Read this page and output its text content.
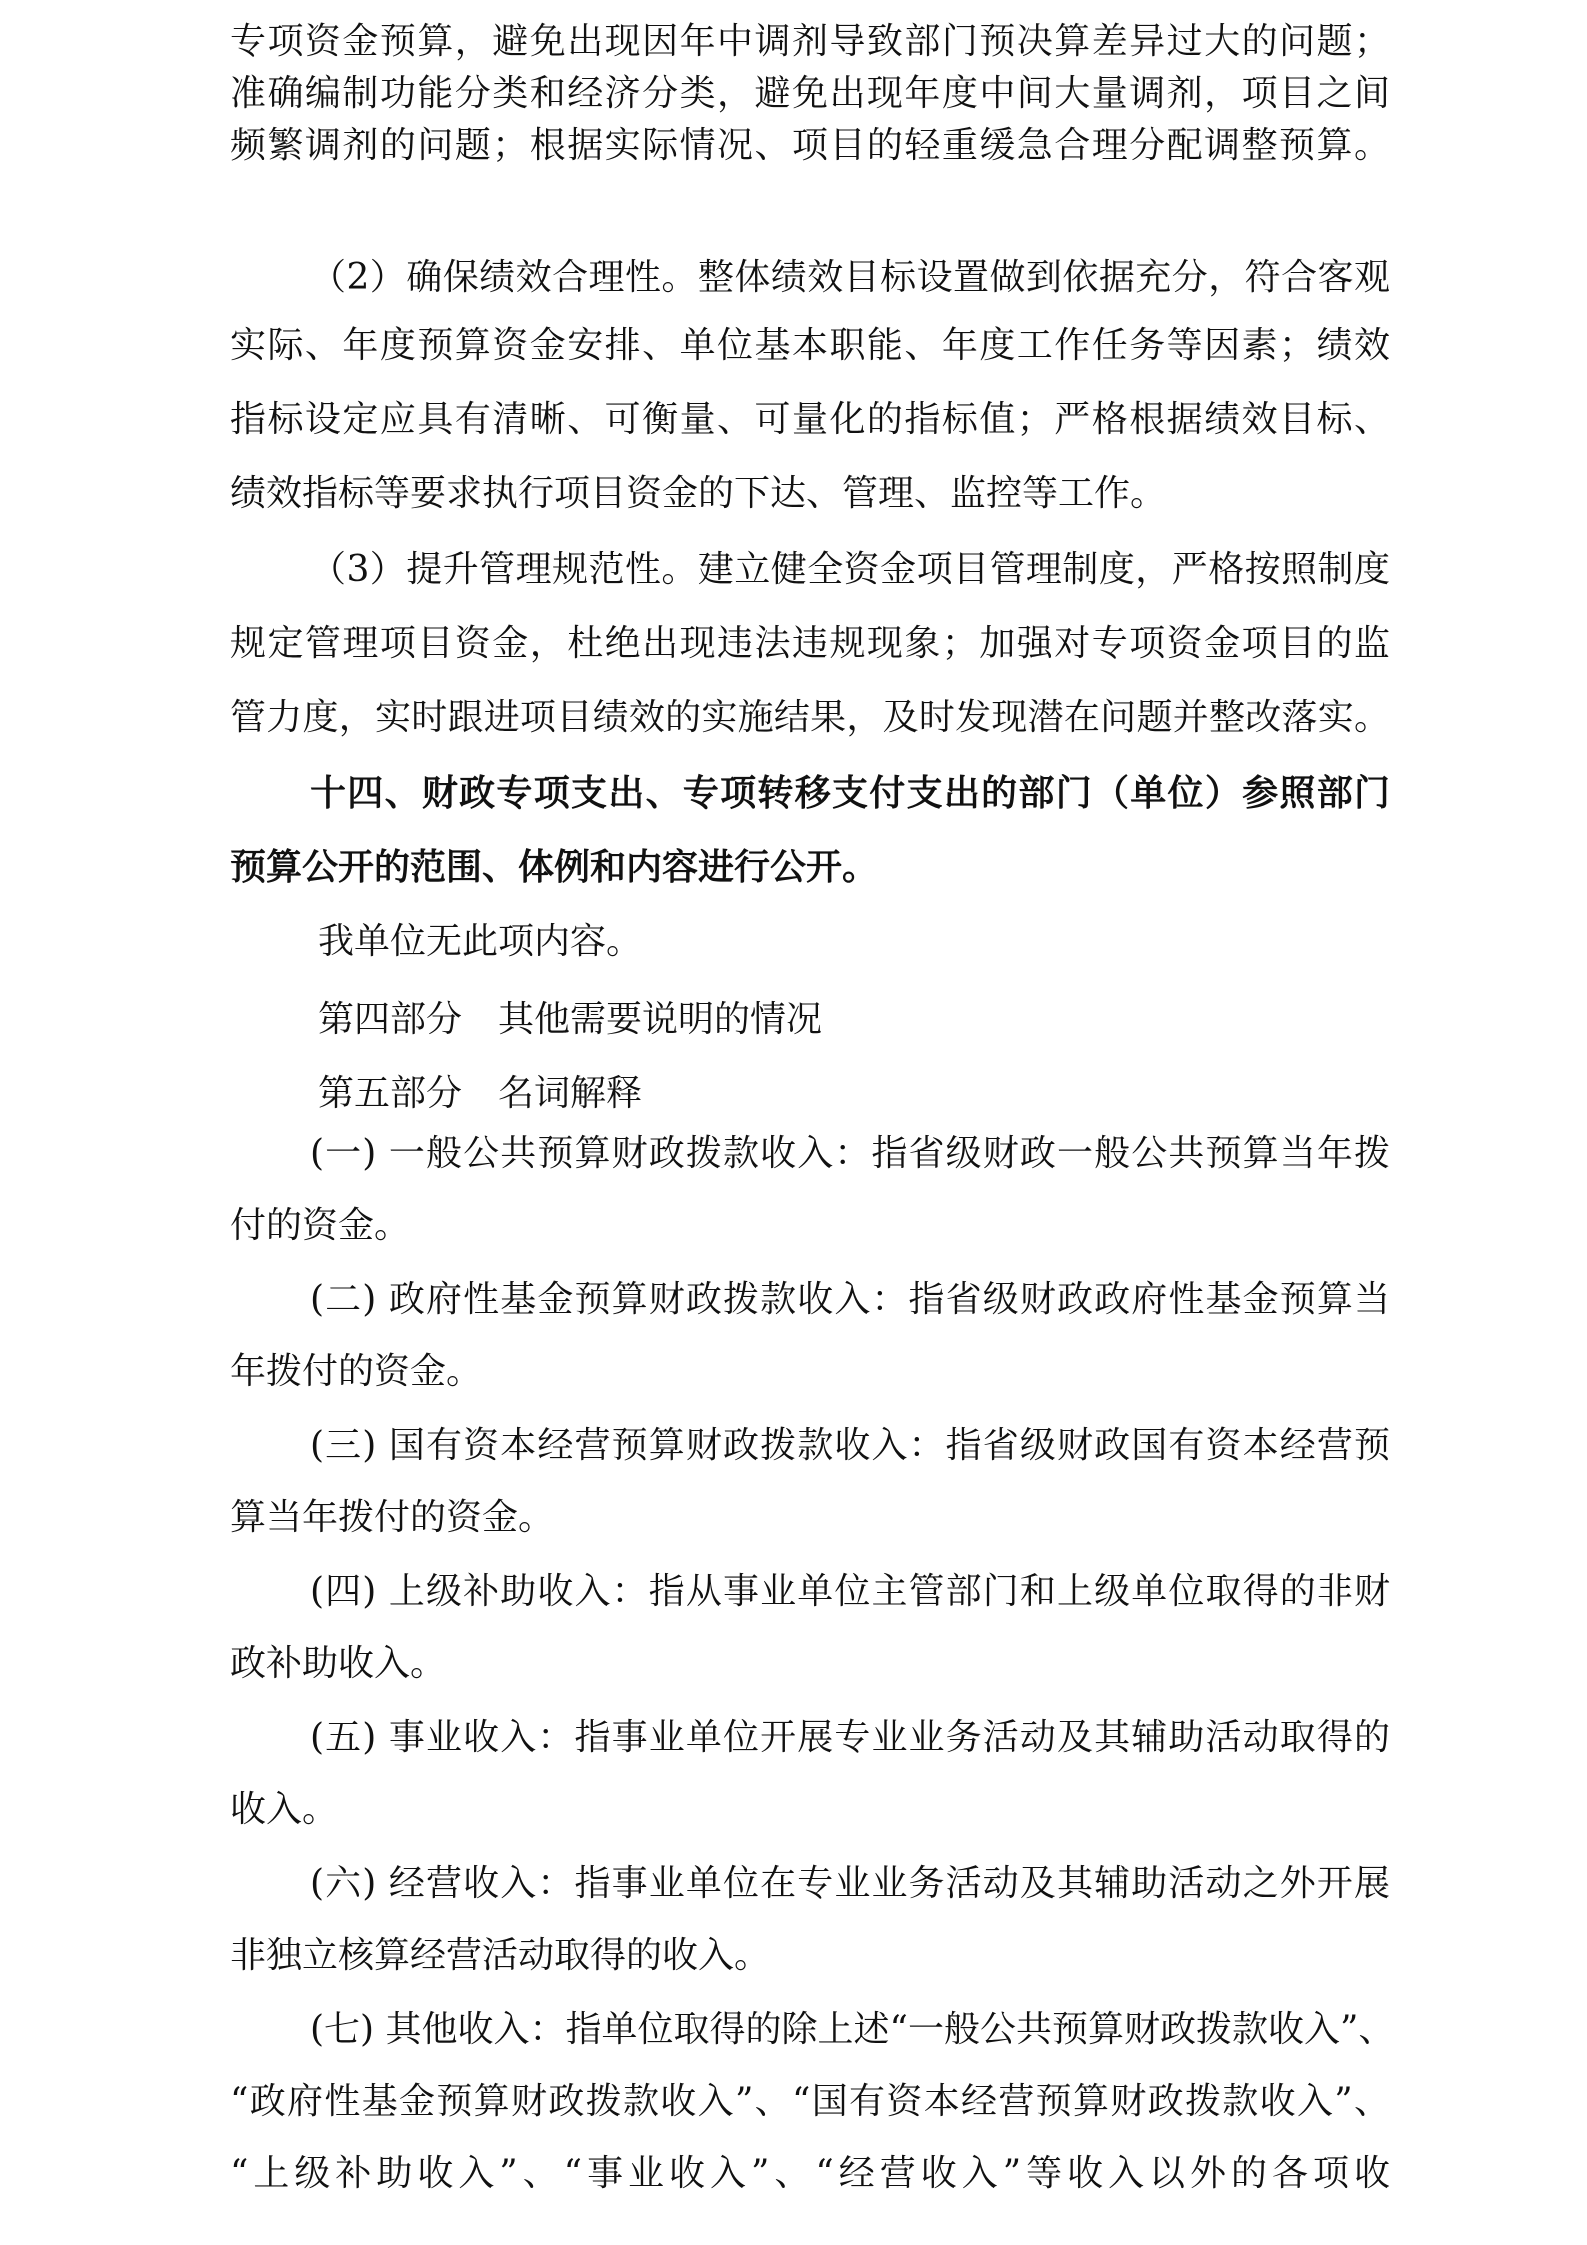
专项资金预算，避免出现因年中调剂导致部门预决算差异过大的问题；
准确编制功能分类和经济分类，避免出现年度中间大量调剂，项目之间
频繁调剂的问题；根据实际情况、项目的轻重缓急合理分配调整预算。
（2）确保绩效合理性。整体绩效目标设置做到依据充分，符合客观
实际、年度预算资金安排、单位基本职能、年度工作任务等因素；绩效
指标设定应具有清晰、可衡量、可量化的指标值；严格根据绩效目标、
绩效指标等要求执行项目资金的下达、管理、监控等工作。
（3）提升管理规范性。建立健全资金项目管理制度，严格按照制度
规定管理项目资金，杜绝出现违法违规现象；加强对专项资金项目的监
管力度，实时跟进项目绩效的实施结果，及时发现潜在问题并整改落实。
十四、财政专项支出、专项转移支付支出的部门（单位）参照部门
预算公开的范围、体例和内容进行公开。
我单位无此项内容。
第四部分　其他需要说明的情况
第五部分　名词解释
(一) 一般公共预算财政拨款收入：指省级财政一般公共预算当年拨
付的资金。
(二) 政府性基金预算财政拨款收入：指省级财政政府性基金预算当
年拨付的资金。
(三) 国有资本经营预算财政拨款收入：指省级财政国有资本经营预
算当年拨付的资金。
(四) 上级补助收入：指从事业单位主管部门和上级单位取得的非财
政补助收入。
(五) 事业收入：指事业单位开展专业业务活动及其辅助活动取得的
收入。
(六) 经营收入：指事业单位在专业业务活动及其辅助活动之外开展
非独立核算经营活动取得的收入。
(七) 其他收入：指单位取得的除上述“一般公共预算财政拨款收入”、
“政府性基金预算财政拨款收入”、“国有资本经营预算财政拨款收入”、
“上级补助收入”、“事业收入”、“经营收入”等收入以外的各项收
